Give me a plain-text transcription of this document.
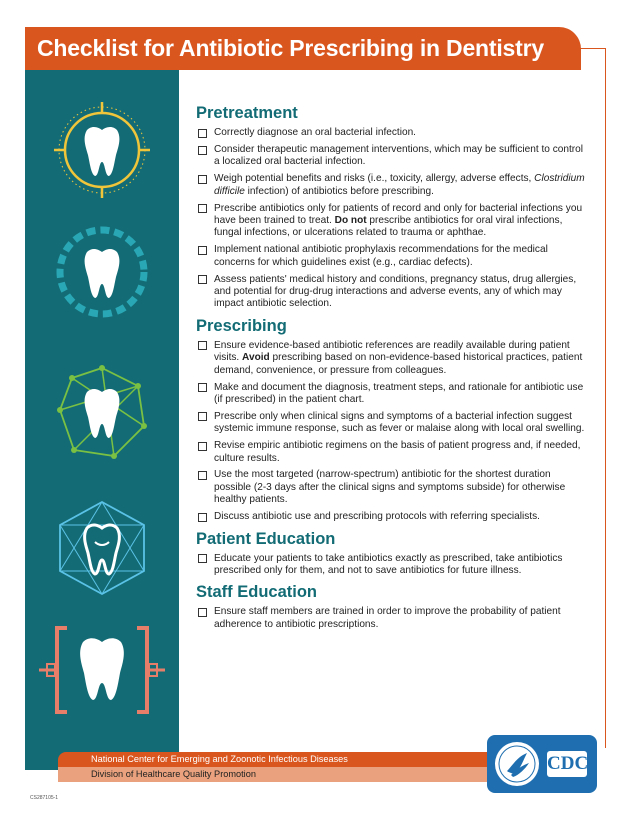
Checklist for Antibiotic Prescribing in Dentistry
Pretreatment
Correctly diagnose an oral bacterial infection.
Consider therapeutic management interventions, which may be sufficient to control a localized oral bacterial infection.
Weigh potential benefits and risks (i.e., toxicity, allergy, adverse effects, Clostridium difficile infection) of antibiotics before prescribing.
Prescribe antibiotics only for patients of record and only for bacterial infections you have been trained to treat. Do not prescribe antibiotics for oral viral infections, fungal infections, or ulcerations related to trauma or aphthae.
Implement national antibiotic prophylaxis recommendations for the medical concerns for which guidelines exist (e.g., cardiac defects).
Assess patients' medical history and conditions, pregnancy status, drug allergies, and potential for drug-drug interactions and adverse events, any of which may impact antibiotic selection.
Prescribing
Ensure evidence-based antibiotic references are readily available during patient visits. Avoid prescribing based on non-evidence-based historical practices, patient demand, convenience, or pressure from colleagues.
Make and document the diagnosis, treatment steps, and rationale for antibiotic use (if prescribed) in the patient chart.
Prescribe only when clinical signs and symptoms of a bacterial infection suggest systemic immune response, such as fever or malaise along with local oral swelling.
Revise empiric antibiotic regimens on the basis of patient progress and, if needed, culture results.
Use the most targeted (narrow-spectrum) antibiotic for the shortest duration possible (2-3 days after the clinical signs and symptoms subside) for otherwise healthy patients.
Discuss antibiotic use and prescribing protocols with referring specialists.
Patient Education
Educate your patients to take antibiotics exactly as prescribed, take antibiotics prescribed only for them, and not to save antibiotics for future illness.
Staff Education
Ensure staff members are trained in order to improve the probability of patient adherence to antibiotic prescriptions.
National Center for Emerging and Zoonotic Infectious Diseases
Division of Healthcare Quality Promotion	CDC
CS287105-1
